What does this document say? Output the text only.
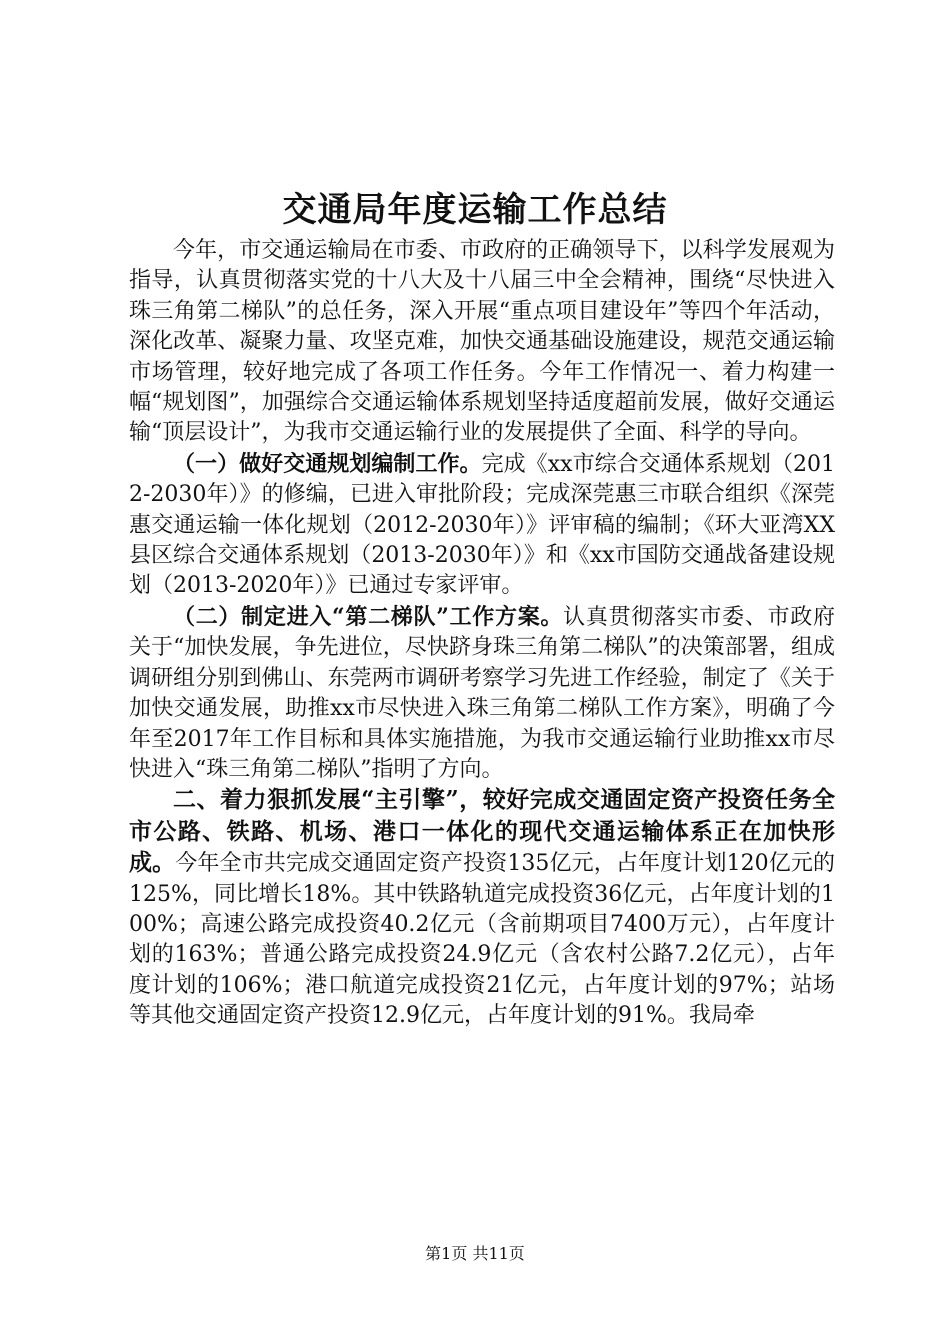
交通局年度运输工作总结

今年，市交通运输局在市委、市政府的正确领导下，以科学发展观为指导，认真贯彻落实党的十八大及十八届三中全会精神，围绕“尽快进入珠三角第二梯队”的总任务，深入开展“重点项目建设年”等四个年活动，深化改革、凝聚力量、攻坚克难，加快交通基础设施建设，规范交通运输市场管理，较好地完成了各项工作任务。今年工作情况一、着力构建一幅“规划图”，加强综合交通运输体系规划坚持适度超前发展，做好交通运输“顶层设计”，为我市交通运输行业的发展提供了全面、科学的导向。

（一）做好交通规划编制工作。完成《xx市综合交通体系规划（2012-2030年）》的修编，已进入审批阶段；完成深莞惠三市联合组织《深莞惠交通运输一体化规划（2012-2030年）》评审稿的编制；《环大亚湾XX县区综合交通体系规划（2013-2030年）》和《xx市国防交通战备建设规划（2013-2020年）》已通过专家评审。

（二）制定进入“第二梯队”工作方案。认真贯彻落实市委、市政府关于“加快发展，争先进位，尽快跻身珠三角第二梯队”的决策部署，组成调研组分别到佛山、东莞两市调研考察学习先进工作经验，制定了《关于加快交通发展，助推xx市尽快进入珠三角第二梯队工作方案》，明确了今年至2017年工作目标和具体实施措施，为我市交通运输行业助推xx市尽快进入“珠三角第二梯队”指明了方向。

二、着力狠抓发展“主引擎”，较好完成交通固定资产投资任务全市公路、铁路、机场、港口一体化的现代交通运输体系正在加快形成。今年全市共完成交通固定资产投资135亿元，占年度计划120亿元的125%，同比增长18%。其中铁路轨道完成投资36亿元，占年度计划的100%；高速公路完成投资40.2亿元（含前期项目7400万元），占年度计划的163%；普通公路完成投资24.9亿元（含农村公路7.2亿元），占年度计划的106%；港口航道完成投资21亿元，占年度计划的97%；站场等其他交通固定资产投资12.9亿元，占年度计划的91%。我局牵

第1页 共11页
